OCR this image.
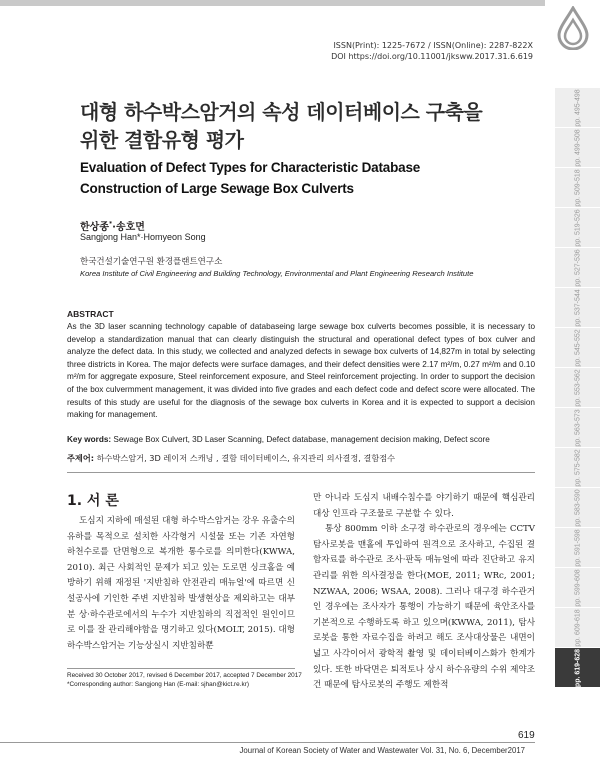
ISSN(Print): 1225-7672 / ISSN(Online): 2287-822X
DOI https://doi.org/10.11001/jksww.2017.31.6.619
대형 하수박스암거의 속성 데이터베이스 구축을
위한 결함유형 평가
Evaluation of Defect Types for Characteristic Database
Construction of Large Sewage Box Culverts
한상종*·송호면
Sangjong Han*·Homyeon Song
한국건설기술연구원 환경플랜트연구소
Korea Institute of Civil Engineering and Building Technology, Environmental and Plant Engineering Research Institute
ABSTRACT
As the 3D laser scanning technology capable of databaseing large sewage box culverts becomes possible, it is necessary to develop a standardization manual that can clearly distinguish the structural and operational defect types of box culver and analyze the defect data. In this study, we collected and analyzed defects in sewage box culverts of 14,827m in total by selecting three districts in Korea. The major defects were surface damages, and their defect densities were 2.17 m²/m, 0.27 m²/m and 0.10 m²/m for aggregate exposure, Steel reinforcement exposure, and Steel reinforcement projecting. In order to support the decision of the box culvermment management, it was divided into five grades and each defect code and defect score were allocated. The results of this study are useful for the diagnosis of the sewage box culverts in Korea and it is expected to support a decision making for management.
Key words: Sewage Box Culvert, 3D Laser Scanning, Defect database, management decision making, Defect score
주제어: 하수박스암거, 3D 레이저 스캐닝 , 결함 데이터베이스, 유지관리 의사결정, 결함점수
1. 서 론

도심지 지하에 매설된 대형 하수박스암거는 강우 유출수의 유하를 목적으로 설치한 사각형거 시설물 또는 기존 자연형 하천수로를 단면형으로 복개한 통수로를 의미한다(KWWA, 2010). 최근 사회적인 문제가 되고 있는 도로면 싱크홀을 예방하기 위해 재정된 '지반침하 안전관리 매뉴얼'에 따르면 신설공사에 기인한 주변 지반침하 발생현상을 제외하고는 대부분 상·하수관로에서의 누수가 지반침하의 직접적인 원인이므로 이를 잘 관리해야함을 명기하고 있다(MOLT, 2015). 대형 하수박스암거는 기능상실시 지반침하뿐

만 아니라 도심지 내배수침수를 야기하기 때문에 핵심관리대상 인프라 구조물로 구분할 수 있다.

통상 800mm 이하 소구경 하수관로의 경우에는 CCTV 탐사로봇을 맨홀에 투입하여 원격으로 조사하고, 수집된 결함자료를 하수관로 조사·판독 매뉴얼에 따라 진단하고 유지관리를 위한 의사결정을 한다(MOE, 2011; WRc, 2001; NZWAA, 2006; WSAA, 2008). 그러나 대구경 하수관거인 경우에는 조사자가 통행이 가능하기 때문에 육안조사를 기본적으로 수행하도록 하고 있으며(KWWA, 2011), 탐사로봇을 통한 자료수집을 하려고 해도 조사대상물은 내면이 넓고 사각이어서 광학적 촬영 및 데이터베이스화가 한계가 있다. 또한 바닥면은 퇴적토나 상시 하수유량의 수위 제약조건 때문에 탐사로봇의 주행도 제한적

Received 30 October 2017, revised 6 December 2017, accepted 7 December 2017
*Corresponding author: Sangjong Han (E-mail: sjhan@kict.re.kr)
619
Journal of Korean Society of Water and Wastewater Vol. 31, No. 6, December2017
pp. 495-498
pp. 499-508
pp. 509-518
pp. 519-526
pp. 527-536
pp. 537-544
pp. 545-552
pp. 553-562
pp. 563-573
pp. 575-582
pp. 583-590
pp. 591-598
pp. 599-608
pp. 609-618
pp. 619-628
